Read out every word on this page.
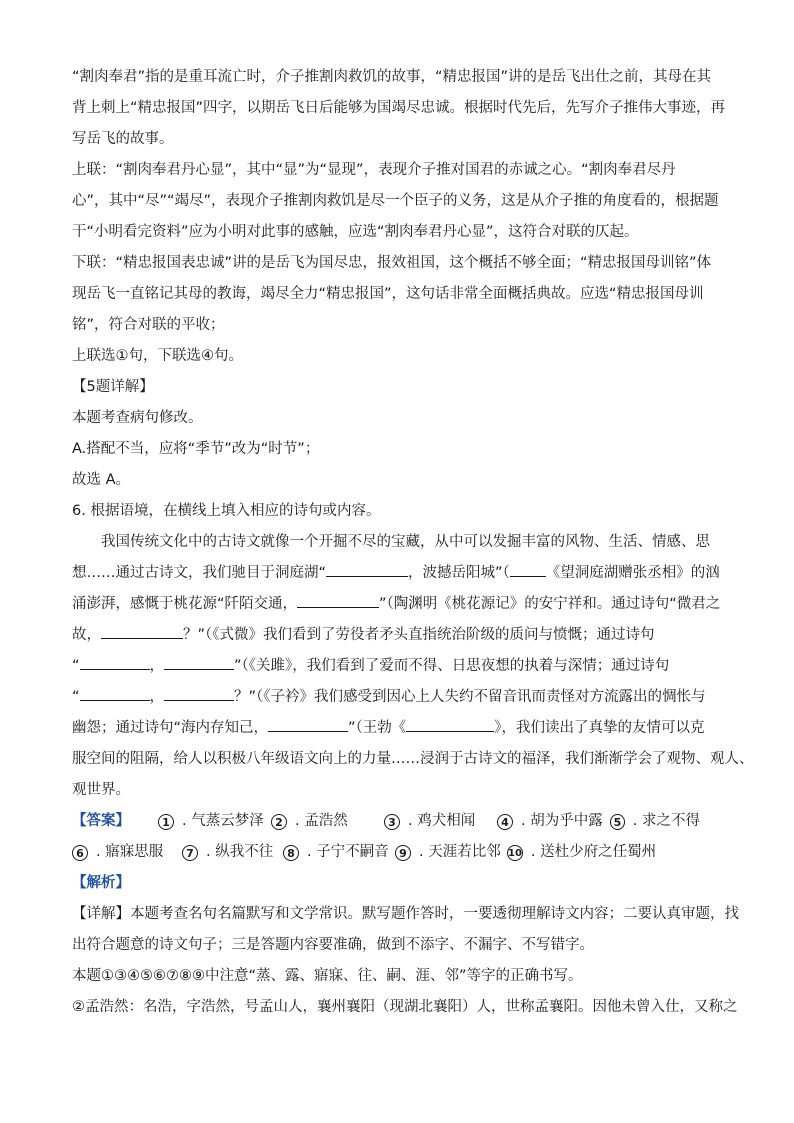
“割肉奉君”指的是重耳流亡时，介子推割肉救饥的故事，“精忠报国”讲的是岳飞出仕之前，其母在其
背上刺上“精忠报国”四字，以期岳飞日后能够为国竭尽忠诚。根据时代先后，先写介子推伟大事迹，再
写岳飞的故事。
上联：“割肉奉君丹心显”，其中“显”为“显现”，表现介子推对国君的赤诚之心。“割肉奉君尽丹
心”，其中“尽”“竭尽”，表现介子推割肉救饥是尽一个臣子的义务，这是从介子推的角度看的，根据题
干“小明看完资料”应为小明对此事的感触，应选“割肉奉君丹心显”，这符合对联的仄起。
下联：“精忠报国表忠诚”讲的是岳飞为国尽忠，报效祖国，这个概括不够全面；“精忠报国母训铭”体
现岳飞一直铭记其母的教诲，竭尽全力“精忠报国”，这句话非常全面概括典故。应选“精忠报国母训
铭”，符合对联的平收；
上联选①句，下联选④句。
【5题详解】
本题考查病句修改。
A.搭配不当，应将“季节”改为“时节”；
故选 A。
6. 根据语境，在横线上填入相应的诗句或内容。
我国传统文化中的古诗文就像一个开掘不尽的宝藏，从中可以发掘丰富的风物、生活、情感、思
想……通过古诗文，我们驰目于洞庭湖“	，波撼岳阳城”（ 《望洞庭湖赠张丞相》的汹
涌澎湃，感慨于桃花源“阡陌交通，	”（陶渊明《桃花源记》的安宁祥和。通过诗句“微君之
故，	？”（《式微》我们看到了劳役者矛头直指统治阶级的质问与愤慨；通过诗句
“	，	”（《关雎》，我们看到了爱而不得、日思夜想的执着与深情；通过诗句
“	，	？”（《子衿》我们感受到因心上人失约不留音讯而责怪对方流露出的惆怅与
幽怨；通过诗句“海内存知己，	”（王勃《	》，我们读出了真挚的友情可以克
服空间的阻隔，给人以积极八年级语文向上的力量……浸润于古诗文的福泽，我们渐渐学会了观物、观人、
观世界。
【答案】	1 . 气蒸云梦泽	2 . 孟浩然	3 . 鸡犬相闻	4 . 胡为乎中露 5 . 求之不得
6 . 寤寐思服	7 . 纵我不往	8 . 子宁不嗣音 9 . 天涯若比邻 10 . 送杜少府之任蜀州
【解析】
【详解】本题考查名句名篇默写和文学常识。默写题作答时，一要透彻理解诗文内容；二要认真审题，找
出符合题意的诗文句子；三是答题内容要准确，做到不添字、不漏字、不写错字。
本题①③④⑤⑥⑦⑧⑨中注意“蒸、露、寤寐、往、嗣、涯、邻”等字的正确书写。
②孟浩然：名浩，字浩然，号孟山人，襄州襄阳（现湖北襄阳）人，世称孟襄阳。因他未曾入仕，又称之
